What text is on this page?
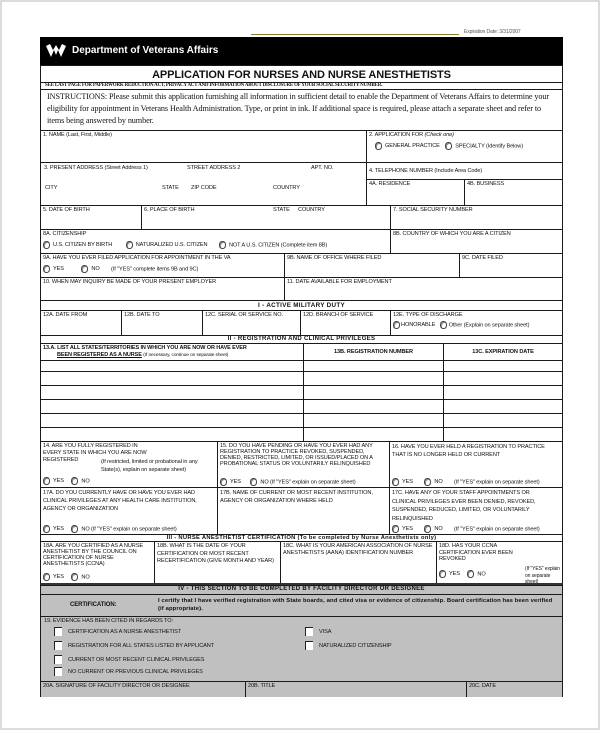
Expiration Date: 3/31/2007
Department of Veterans Affairs
APPLICATION FOR NURSES AND NURSE ANESTHETISTS
SEE LAST PAGE FOR PAPERWORK REDUCTION ACT, PRIVACY ACT AND INFORMATION ABOUT DISCLOSURE OF YOUR SOCIAL SECURITY NUMBER.
INSTRUCTIONS: Please submit this application furnishing all information in sufficient detail to enable the Department of Veterans Affairs to determine your eligibility for appointment in Veterans Health Administration. Type, or print in ink. If additional space is required, please attach a separate sheet and refer to items being answered by number.
1. NAME (Last, First, Middle)	2. APPLICATION FOR (Check one)
GENERAL PRACTICE	SPECIALTY (Identify Below)
3. PRESENT ADDRESS (Street Address 1)	STREET ADDRESS 2	APT. NO.
CITY	STATE ZIP CODE	COUNTRY
4. TELEPHONE NUMBER (Include Area Code)
4A. RESIDENCE	4B. BUSINESS
5. DATE OF BIRTH	6. PLACE OF BIRTH	STATE COUNTRY	7. SOCIAL SECURITY NUMBER
8A. CITIZENSHIP
U.S. CITIZEN BY BIRTH	NATURALIZED U.S. CITIZEN	NOT A U.S. CITIZEN (Complete item 8B)
8B. COUNTRY OF WHICH YOU ARE A CITIZEN
9A. HAVE YOU EVER FILED APPLICATION FOR APPOINTMENT IN THE VA
YES	NO (If "YES" complete items 9B and 9C)
9B. NAME OF OFFICE WHERE FILED	9C. DATE FILED
10. WHEN MAY INQUIRY BE MADE OF YOUR PRESENT EMPLOYER	11. DATE AVAILABLE FOR EMPLOYMENT
I - ACTIVE MILITARY DUTY
12A. DATE FROM	12B. DATE TO	12C. SERIAL OR SERVICE NO.	12D. BRANCH OF SERVICE	12E. TYPE OF DISCHARGE
HONORABLE Other (Explain on separate sheet)
II - REGISTRATION AND CLINICAL PRIVILEGES
13.A. LIST ALL STATES/TERRITORIES IN WHICH YOU ARE NOW OR HAVE EVER
BEEN REGISTERED AS A NURSE (If necessary, continue on separate sheet)
13B. REGISTRATION NUMBER	13C. EXPIRATION DATE
14. ARE YOU FULLY REGISTERED IN EVERY STATE IN WHICH YOU ARE NOW REGISTERED	(If restricted, limited or probational in any State(s), explain on separate sheet)
YES	NO
15. DO YOU HAVE PENDING OR HAVE YOU EVER HAD ANY REGISTRATION TO PRACTICE REVOKED, SUSPENDED, DENIED, RESTRICTED, LIMITED, OR ISSUED/PLACED ON A PROBATIONAL STATUS OR VOLUNTARILY RELINQUISHED
YES	NO (If "YES" explain on separate sheet)
16. HAVE YOU EVER HELD A REGISTRATION TO PRACTICE THAT IS NO LONGER HELD OR CURRENT
YES	NO (If "YES" explain on separate sheet)
17A. DO YOU CURRENTLY HAVE OR HAVE YOU EVER HAD CLINICAL PRIVILEGES AT ANY HEALTH CARE INSTITUTION, AGENCY OR ORGANIZATION
YES	NO (If "YES" explain on separate sheet)
17B. NAME OF CURRENT OR MOST RECENT INSTITUTION, AGENCY OR ORGANIZATION WHERE HELD
17C. HAVE ANY OF YOUR STAFF APPOINTMENTS OR CLINICAL PRIVILEGES EVER BEEN DENIED, REVOKED, SUSPENDED, REDUCED, LIMITED, OR VOLUNTARILY RELINQUISHED
YES	NO (If "YES" explain on separate sheet)
III - NURSE ANESTHETIST CERTIFICATION (To be completed by Nurse Anesthetists only)
18A. ARE YOU CERTIFIED AS A NURSE ANESTHETIST BY THE COUNCIL ON CERTIFICATION OF NURSE ANESTHETISTS (CCNA)
YES	NO
18B. WHAT IS THE DATE OF YOUR CERTIFICATION OR MOST RECENT RECERTIFICATION (GIVE MONTH AND YEAR)
18C. WHAT IS YOUR AMERICAN ASSOCIATION OF NURSE ANESTHETISTS (AANA) IDENTIFICATION NUMBER
18D. HAS YOUR CCNA CERTIFICATION EVER BEEN REVOKED
YES	NO
(If "YES" explain on separate sheet)
IV - THIS SECTION TO BE COMPLETED BY FACILITY DIRECTOR OR DESIGNEE
CERTIFICATION:
I certify that I have verified registration with State boards, and cited visa or evidence of citizenship. Board certification has been verified (if appropriate).
19. EVIDENCE HAS BEEN CITED IN REGARDS TO:
CERTIFICATION AS A NURSE ANESTHETIST
REGISTRATION FOR ALL STATES LISTED BY APPLICANT
CURRENT OR MOST RECENT CLINICAL PRIVILEGES
NO CURRENT OR PREVIOUS CLINICAL PRIVILEGES
VISA
NATURALIZED CITIZENSHIP
20A. SIGNATURE OF FACILITY DIRECTOR OR DESIGNEE	20B. TITLE	20C. DATE
